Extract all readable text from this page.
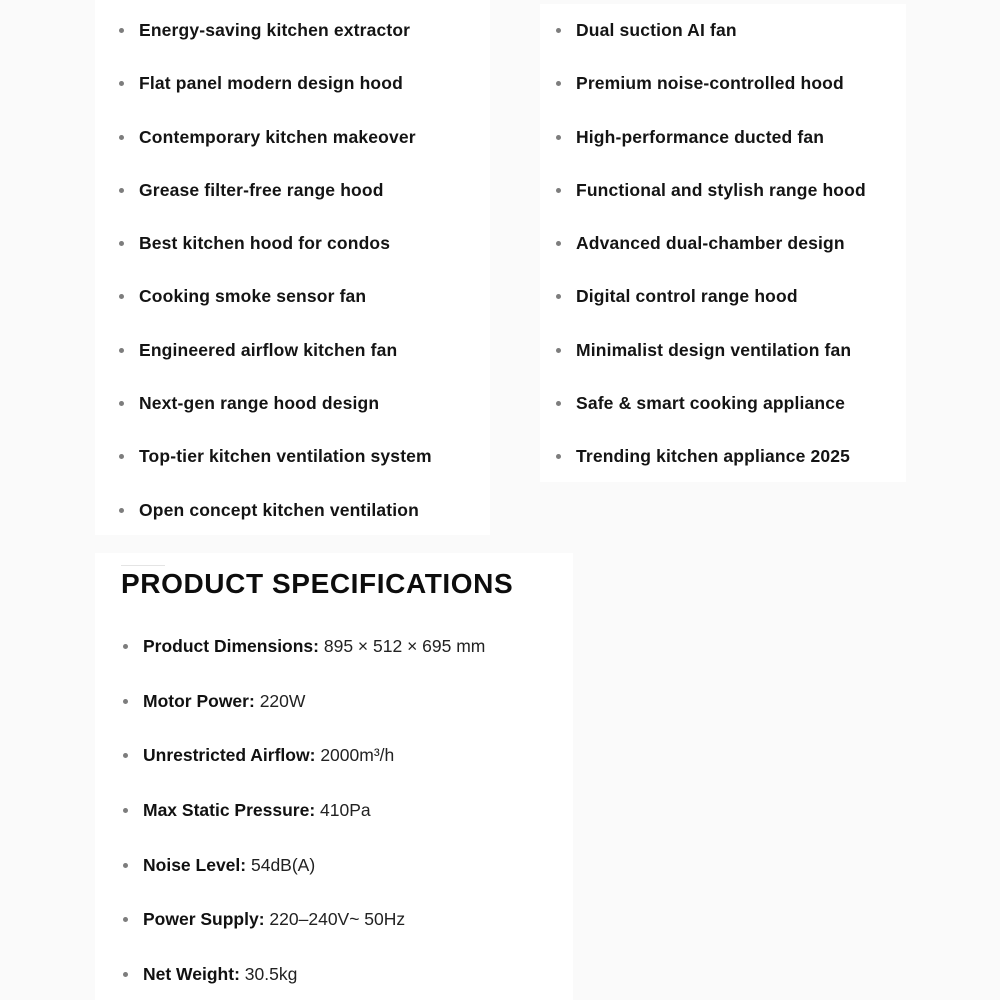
Energy-saving kitchen extractor
Flat panel modern design hood
Contemporary kitchen makeover
Grease filter-free range hood
Best kitchen hood for condos
Cooking smoke sensor fan
Engineered airflow kitchen fan
Next-gen range hood design
Top-tier kitchen ventilation system
Open concept kitchen ventilation
Dual suction AI fan
Premium noise-controlled hood
High-performance ducted fan
Functional and stylish range hood
Advanced dual-chamber design
Digital control range hood
Minimalist design ventilation fan
Safe & smart cooking appliance
Trending kitchen appliance 2025
PRODUCT SPECIFICATIONS
Product Dimensions: 895 × 512 × 695 mm
Motor Power: 220W
Unrestricted Airflow: 2000m³/h
Max Static Pressure: 410Pa
Noise Level: 54dB(A)
Power Supply: 220–240V~ 50Hz
Net Weight: 30.5kg
